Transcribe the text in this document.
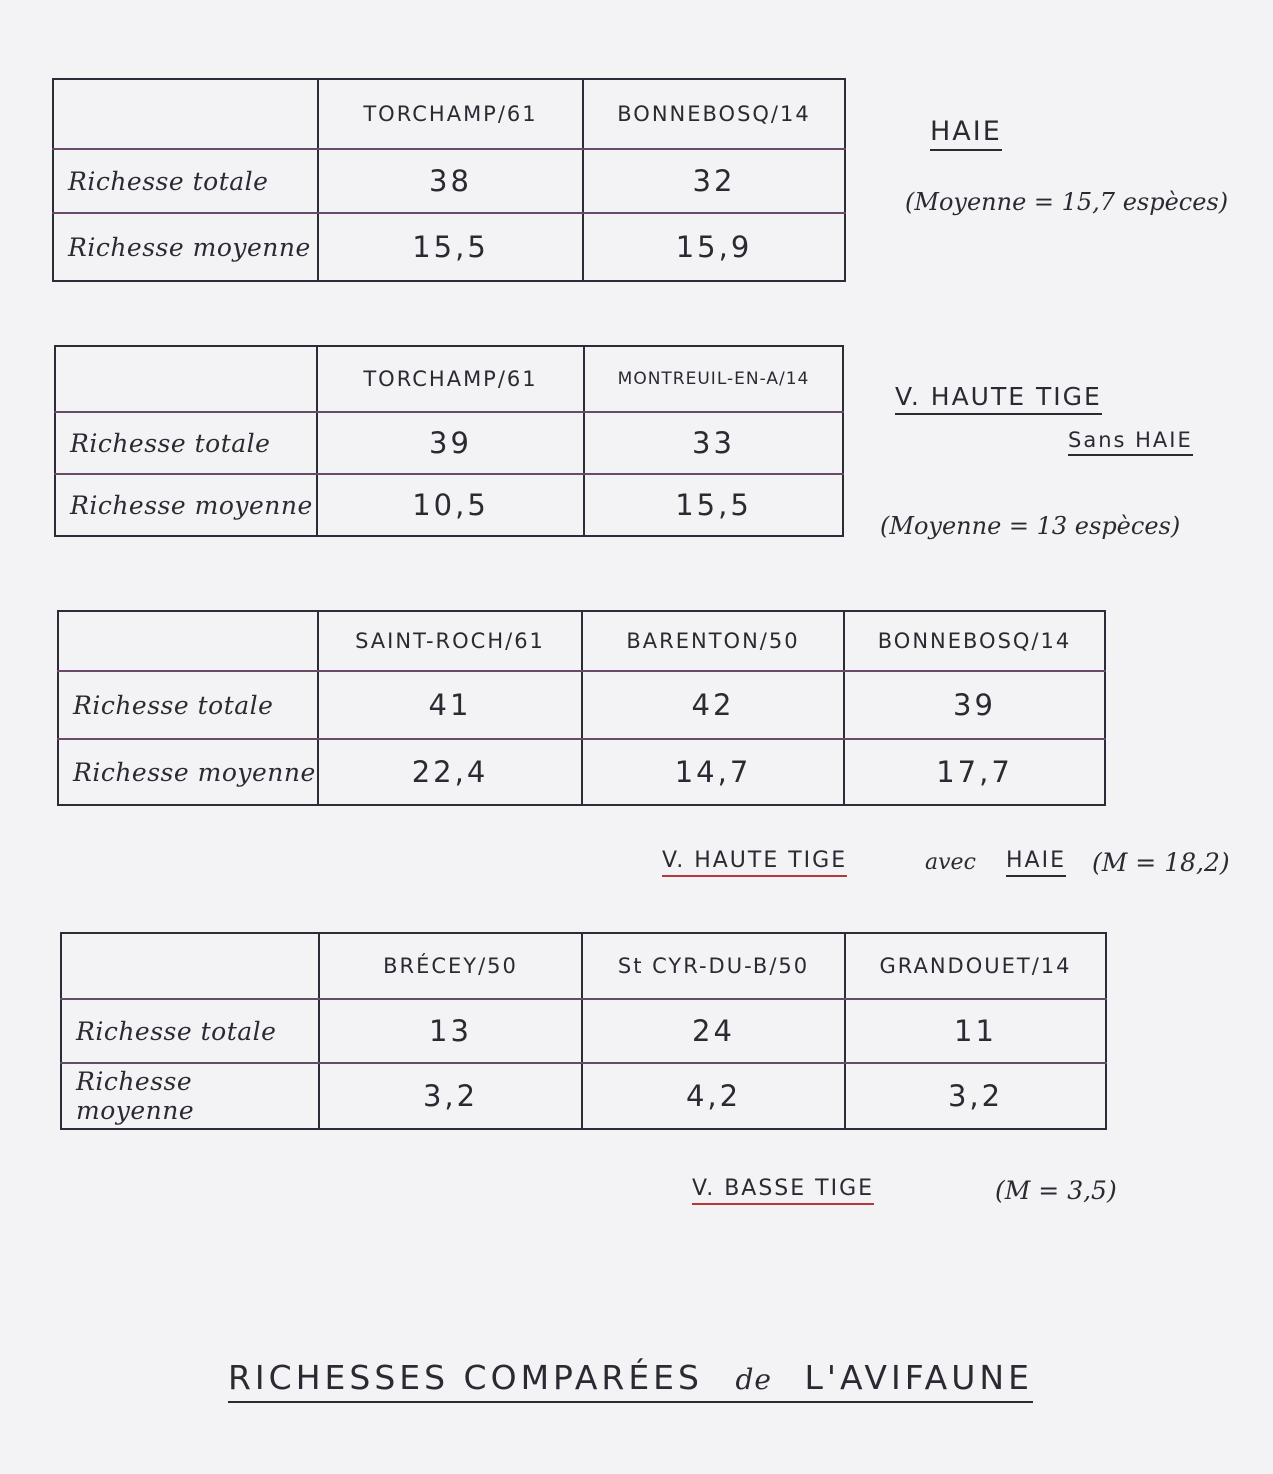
	TORCHAMP/61	BONNEBOSQ/14
Richesse totale	38	32
Richesse moyenne	15,5	15,9
HAIE
(Moyenne = 15,7 espèces)
	TORCHAMP/61	MONTREUIL-EN-A/14
Richesse totale	39	33
Richesse moyenne	10,5	15,5
V. HAUTE TIGE
Sans HAIE
(Moyenne = 13 espèces)
	SAINT-ROCH/61	BARENTON/50	BONNEBOSQ/14
Richesse totale	41	42	39
Richesse moyenne	22,4	14,7	17,7
V. HAUTE TIGE	avec HAIE (M = 18,2)
	BRÉCEY/50	St CYR-DU-B/50	GRANDOUET/14
Richesse totale	13	24	11
Richesse moyenne	3,2	4,2	3,2
V. BASSE TIGE	(M = 3,5)
RICHESSES COMPARÉES de L'AVIFAUNE
